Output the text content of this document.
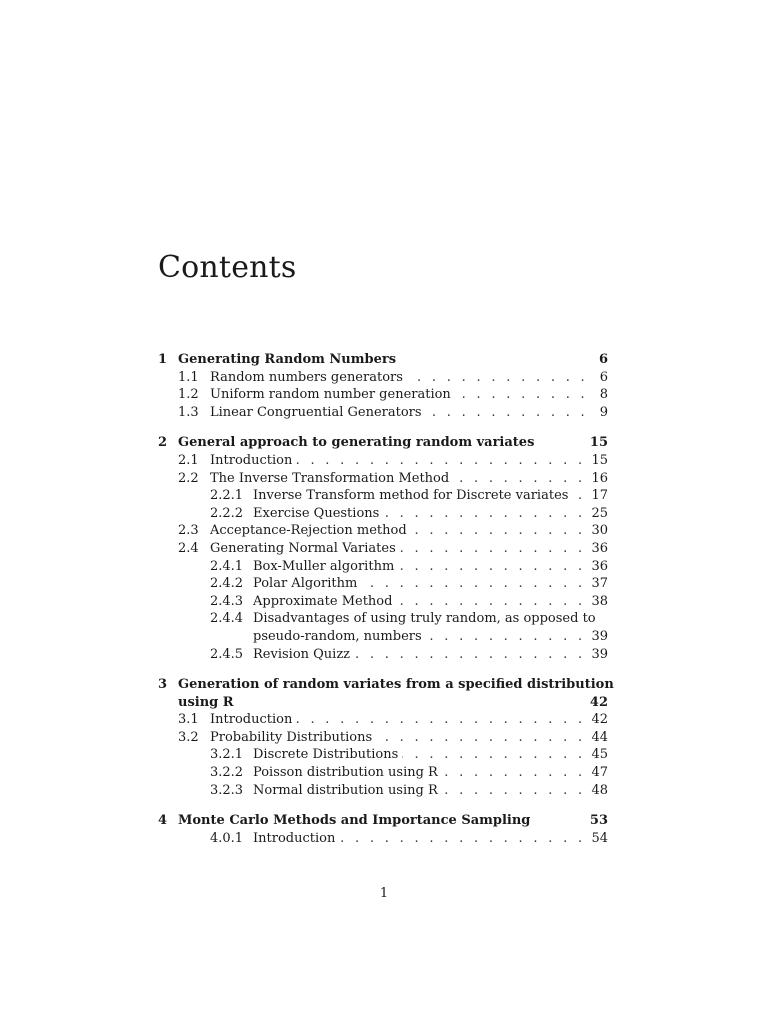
Contents
1 Generating Random Numbers	6
1.1 Random numbers generators . . .	6
1.2 Uniform random number generation . . .	8
1.3 Linear Congruential Generators . . .	9
2 General approach to generating random variates	15
2.1 Introduction . . .	15
2.2 The Inverse Transformation Method . . .	16
2.2.1 Inverse Transform method for Discrete variates . . . 17
2.2.2 Exercise Questions . . .	25
2.3 Acceptance-Rejection method . . .	30
2.4 Generating Normal Variates . . .	36
2.4.1 Box-Muller algorithm . . .	36
2.4.2 Polar Algorithm . . .	37
2.4.3 Approximate Method . . .	38
2.4.4 Disadvantages of using truly random, as opposed to
pseudo-random, numbers . . .	39
2.4.5 Revision Quizz . . .	39
3 Generation of random variates from a specified distribution
using R	42
3.1 Introduction . . .	42
3.2 Probability Distributions . . .	44
3.2.1 Discrete Distributions . . .	45
3.2.2 Poisson distribution using R . . .	47
3.2.3 Normal distribution using R . . .	48
4 Monte Carlo Methods and Importance Sampling	53
4.0.1 Introduction . . .	54
1
